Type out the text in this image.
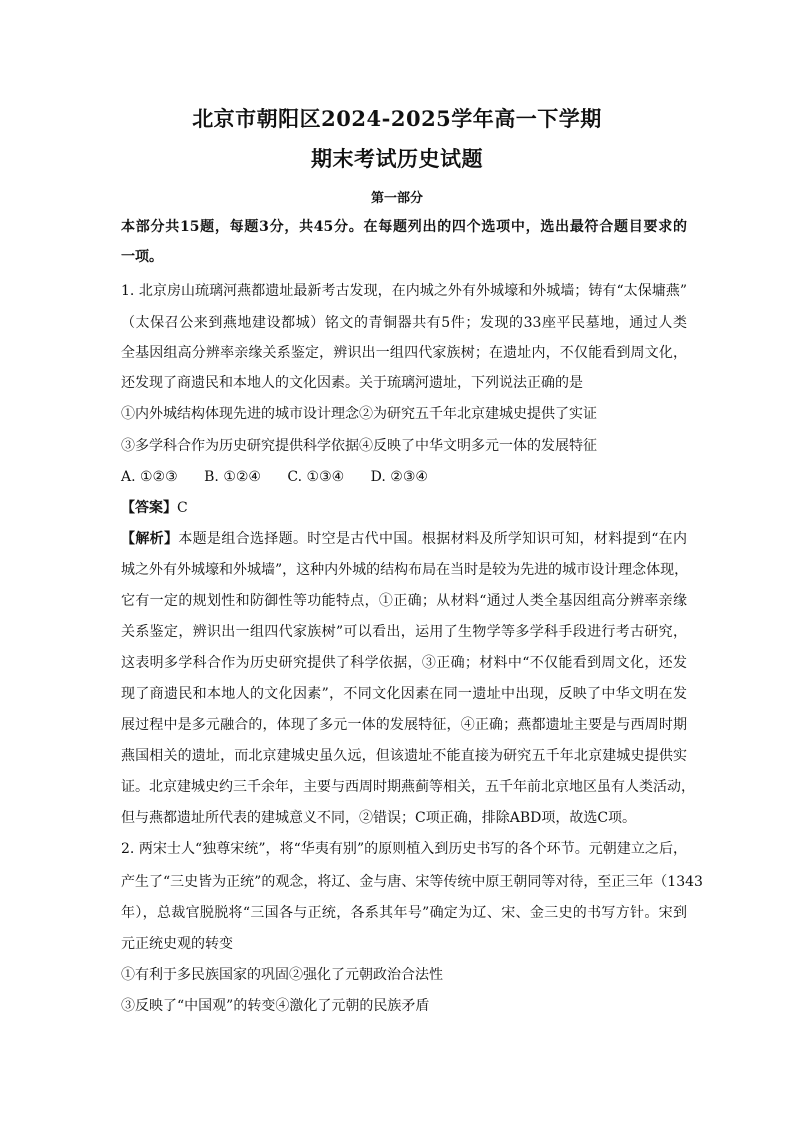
北京市朝阳区2024-2025学年高一下学期
期末考试历史试题
第一部分
本部分共15题，每题3分，共45分。在每题列出的四个选项中，选出最符合题目要求的
一项。
1. 北京房山琉璃河燕都遗址最新考古发现，在内城之外有外城壕和外城墙；铸有“太保墉燕”
（太保召公来到燕地建设都城）铭文的青铜器共有5件；发现的33座平民墓地，通过人类
全基因组高分辨率亲缘关系鉴定，辨识出一组四代家族树；在遗址内，不仅能看到周文化，
还发现了商遗民和本地人的文化因素。关于琉璃河遗址，下列说法正确的是
①内外城结构体现先进的城市设计理念②为研究五千年北京建城史提供了实证
③多学科合作为历史研究提供科学依据④反映了中华文明多元一体的发展特征
A. ①②③ B. ①②④ C. ①③④ D. ②③④
【答案】C
【解析】本题是组合选择题。时空是古代中国。根据材料及所学知识可知，材料提到“在内
城之外有外城壕和外城墙”，这种内外城的结构布局在当时是较为先进的城市设计理念体现，
它有一定的规划性和防御性等功能特点，①正确；从材料“通过人类全基因组高分辨率亲缘
关系鉴定，辨识出一组四代家族树”可以看出，运用了生物学等多学科手段进行考古研究，
这表明多学科合作为历史研究提供了科学依据，③正确；材料中“不仅能看到周文化，还发
现了商遗民和本地人的文化因素”，不同文化因素在同一遗址中出现，反映了中华文明在发
展过程中是多元融合的，体现了多元一体的发展特征，④正确；燕都遗址主要是与西周时期
燕国相关的遗址，而北京建城史虽久远，但该遗址不能直接为研究五千年北京建城史提供实
证。北京建城史约三千余年，主要与西周时期燕蓟等相关，五千年前北京地区虽有人类活动，
但与燕都遗址所代表的建城意义不同，②错误；C项正确，排除ABD项，故选C项。
2. 两宋士人“独尊宋统”，将“华夷有别”的原则植入到历史书写的各个环节。元朝建立之后，
产生了“三史皆为正统”的观念，将辽、金与唐、宋等传统中原王朝同等对待，至正三年（1343
年），总裁官脱脱将“三国各与正统，各系其年号”确定为辽、宋、金三史的书写方针。宋到
元正统史观的转变
①有利于多民族国家的巩固②强化了元朝政治合法性
③反映了“中国观”的转变④激化了元朝的民族矛盾
